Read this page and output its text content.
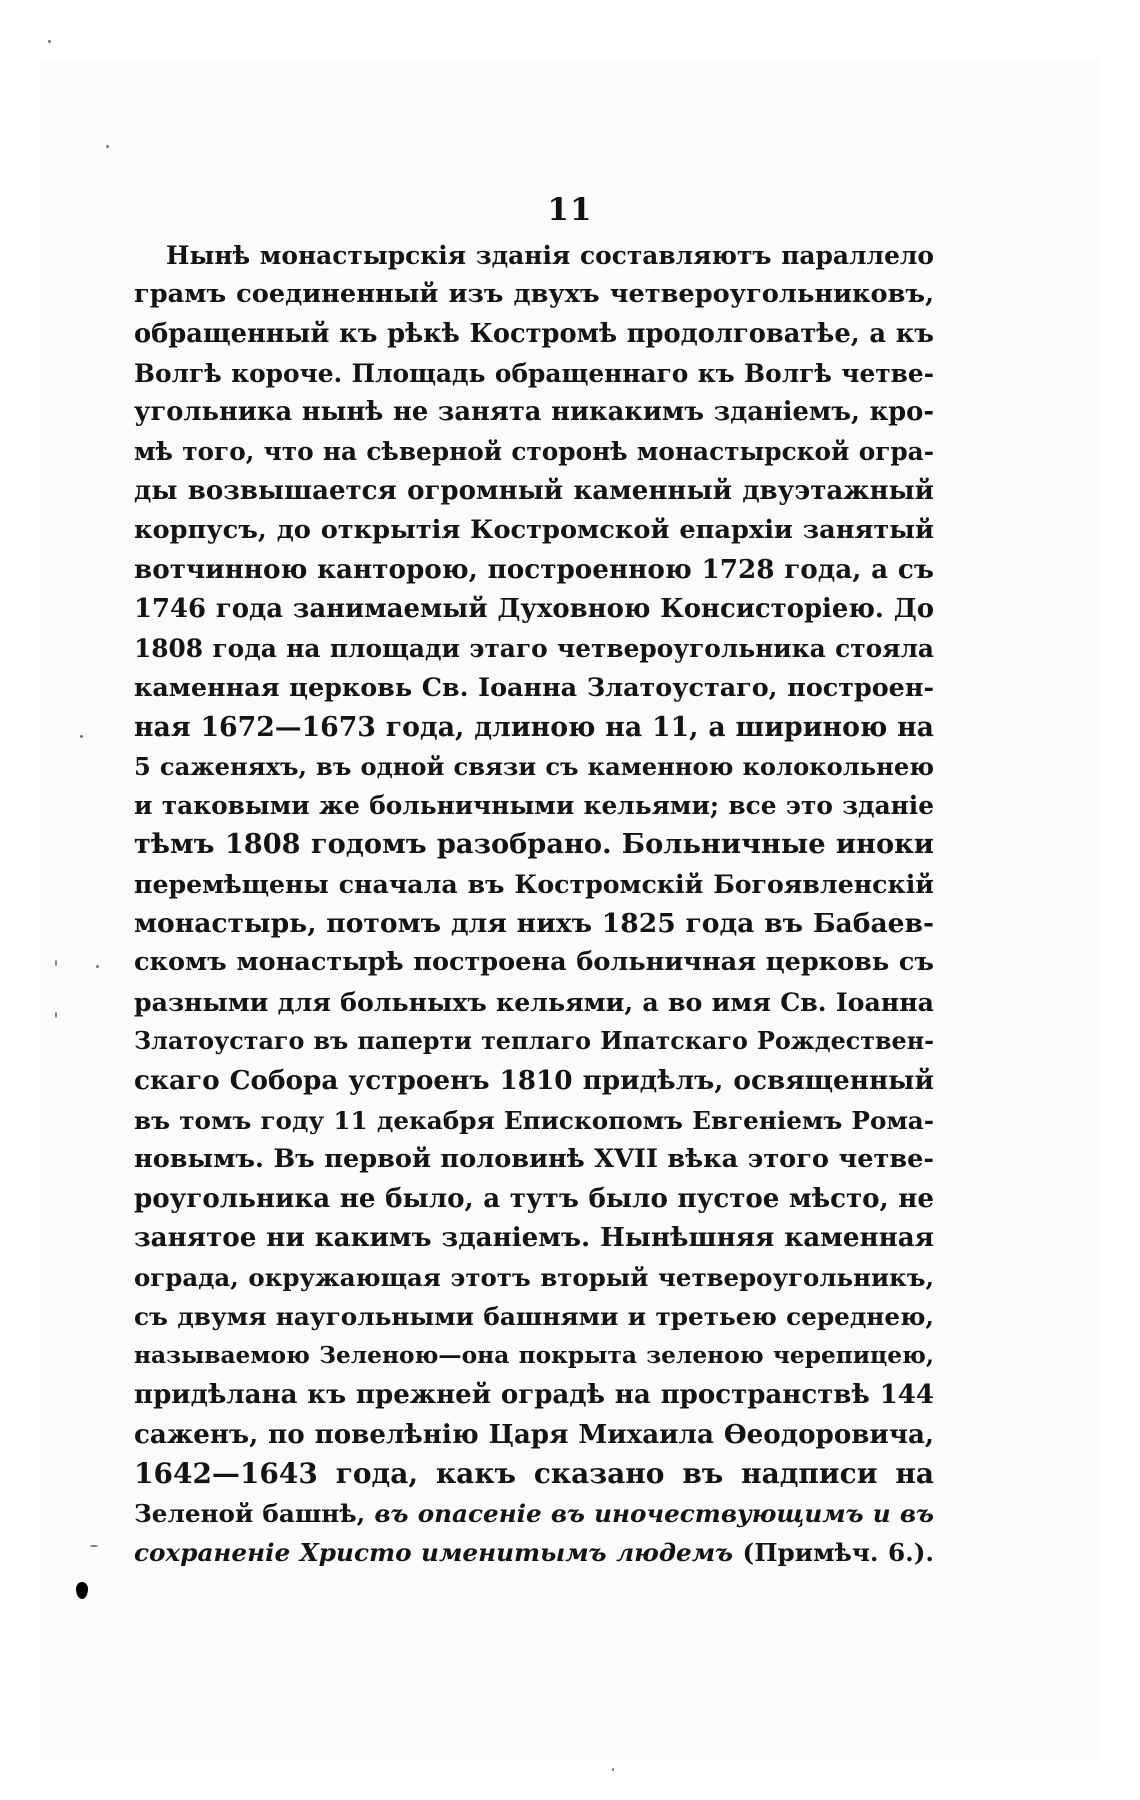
11
Нынѣ монастырскія зданія составляютъ параллело
грамъ соединенный изъ двухъ четвероугольниковъ,
обращенный къ рѣкѣ Костромѣ продолговатѣе, а къ
Волгѣ короче. Площадь обращеннаго къ Волгѣ четве-
угольника нынѣ не занята никакимъ зданіемъ, кро-
мѣ того, что на сѣверной сторонѣ монастырской огра-
ды возвышается огромный каменный двуэтажный
корпусъ, до открытія Костромской епархіи занятый
вотчинною канторою, построенною 1728 года, а съ
1746 года занимаемый Духовною Консисторіею. До
1808 года на площади этаго четвероугольника стояла
каменная церковь Св. Іоанна Златоустаго, построен-
ная 1672—1673 года, длиною на 11, а шириною на
5 саженяхъ, въ одной связи съ каменною колокольнею
и таковыми же больничными кельями; все это зданіе
тѣмъ 1808 годомъ разобрано. Больничные иноки
перемѣщены сначала въ Костромскій Богоявленскій
монастырь, потомъ для нихъ 1825 года въ Бабаев-
скомъ монастырѣ построена больничная церковь съ
разными для больныхъ кельями, а во имя Св. Іоанна
Златоустаго въ паперти теплаго Ипатскаго Рождествен-
скаго Собора устроенъ 1810 придѣлъ, освященный
въ томъ году 11 декабря Епископомъ Евгеніемъ Рома-
новымъ. Въ первой половинѣ XVII вѣка этого четве-
роугольника не было, а тутъ было пустое мѣсто, не
занятое ни какимъ зданіемъ. Нынѣшняя каменная
ограда, окружающая этотъ вторый четвероугольникъ,
съ двумя наугольными башнями и третьею середнею,
называемою Зеленою—она покрыта зеленою черепицею,
придѣлана къ прежней оградѣ на пространствѣ 144
саженъ, по повелѣнію Царя Михаила Ѳеодоровича,
1642—1643 года, какъ сказано въ надписи на
Зеленой башнѣ, въ опасеніе въ иночествующимъ и въ
сохраненіе Христо именитымъ людемъ (Примѣч. 6.).
